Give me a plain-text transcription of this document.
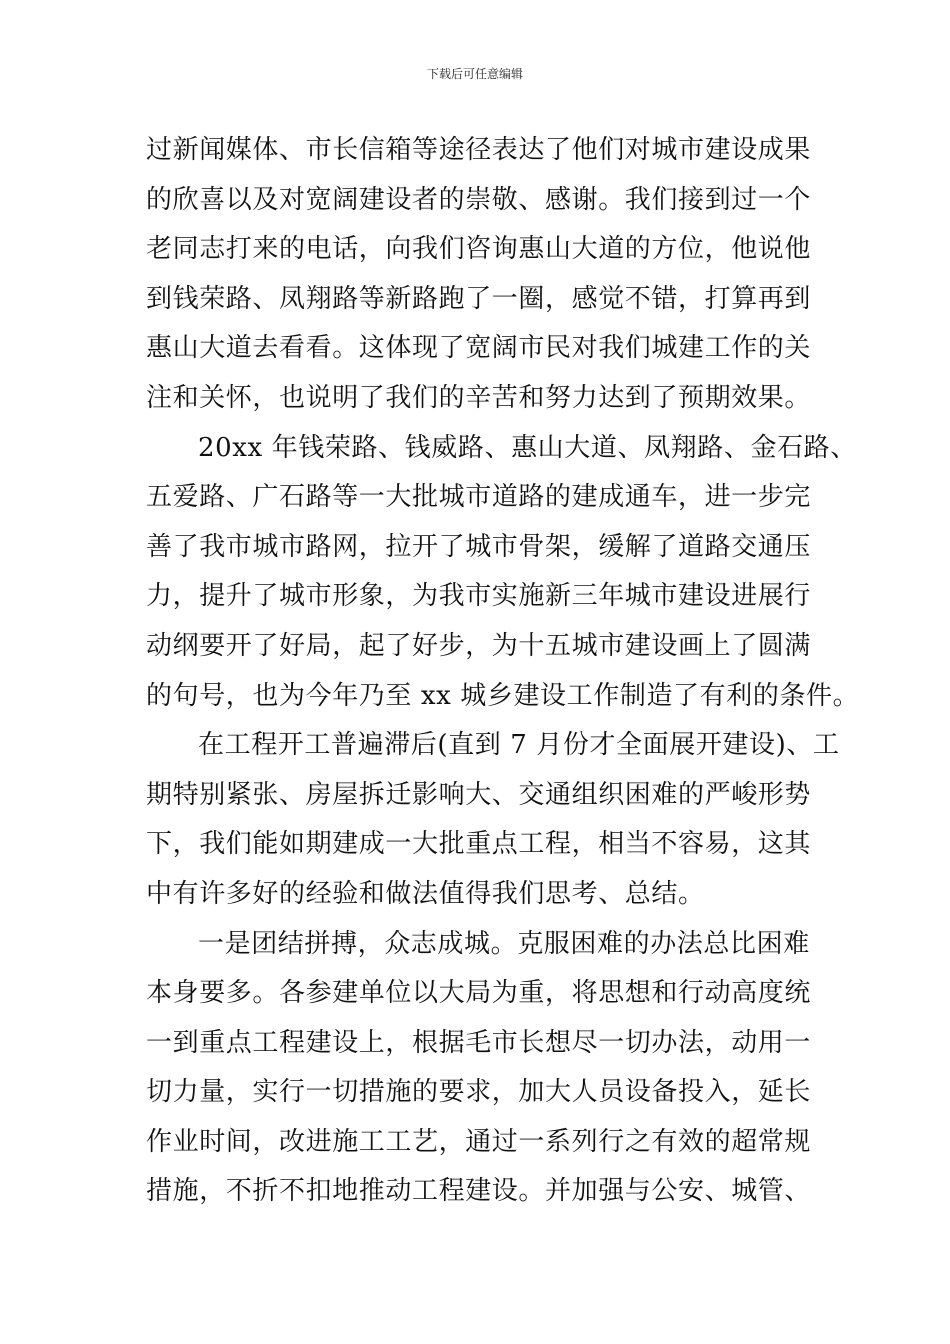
下载后可任意编辑
过新闻媒体、市长信箱等途径表达了他们对城市建设成果
的欣喜以及对宽阔建设者的崇敬、感谢。我们接到过一个
老同志打来的电话，向我们咨询惠山大道的方位，他说他
到钱荣路、凤翔路等新路跑了一圈，感觉不错，打算再到
惠山大道去看看。这体现了宽阔市民对我们城建工作的关
注和关怀，也说明了我们的辛苦和努力达到了预期效果。
20xx 年钱荣路、钱威路、惠山大道、凤翔路、金石路、
五爱路、广石路等一大批城市道路的建成通车，进一步完
善了我市城市路网，拉开了城市骨架，缓解了道路交通压
力，提升了城市形象，为我市实施新三年城市建设进展行
动纲要开了好局，起了好步，为十五城市建设画上了圆满
的句号，也为今年乃至 xx 城乡建设工作制造了有利的条件。
在工程开工普遍滞后(直到 7 月份才全面展开建设)、工
期特别紧张、房屋拆迁影响大、交通组织困难的严峻形势
下，我们能如期建成一大批重点工程，相当不容易，这其
中有许多好的经验和做法值得我们思考、总结。
一是团结拼搏，众志成城。克服困难的办法总比困难
本身要多。各参建单位以大局为重，将思想和行动高度统
一到重点工程建设上，根据毛市长想尽一切办法，动用一
切力量，实行一切措施的要求，加大人员设备投入，延长
作业时间，改进施工工艺，通过一系列行之有效的超常规
措施，不折不扣地推动工程建设。并加强与公安、城管、
